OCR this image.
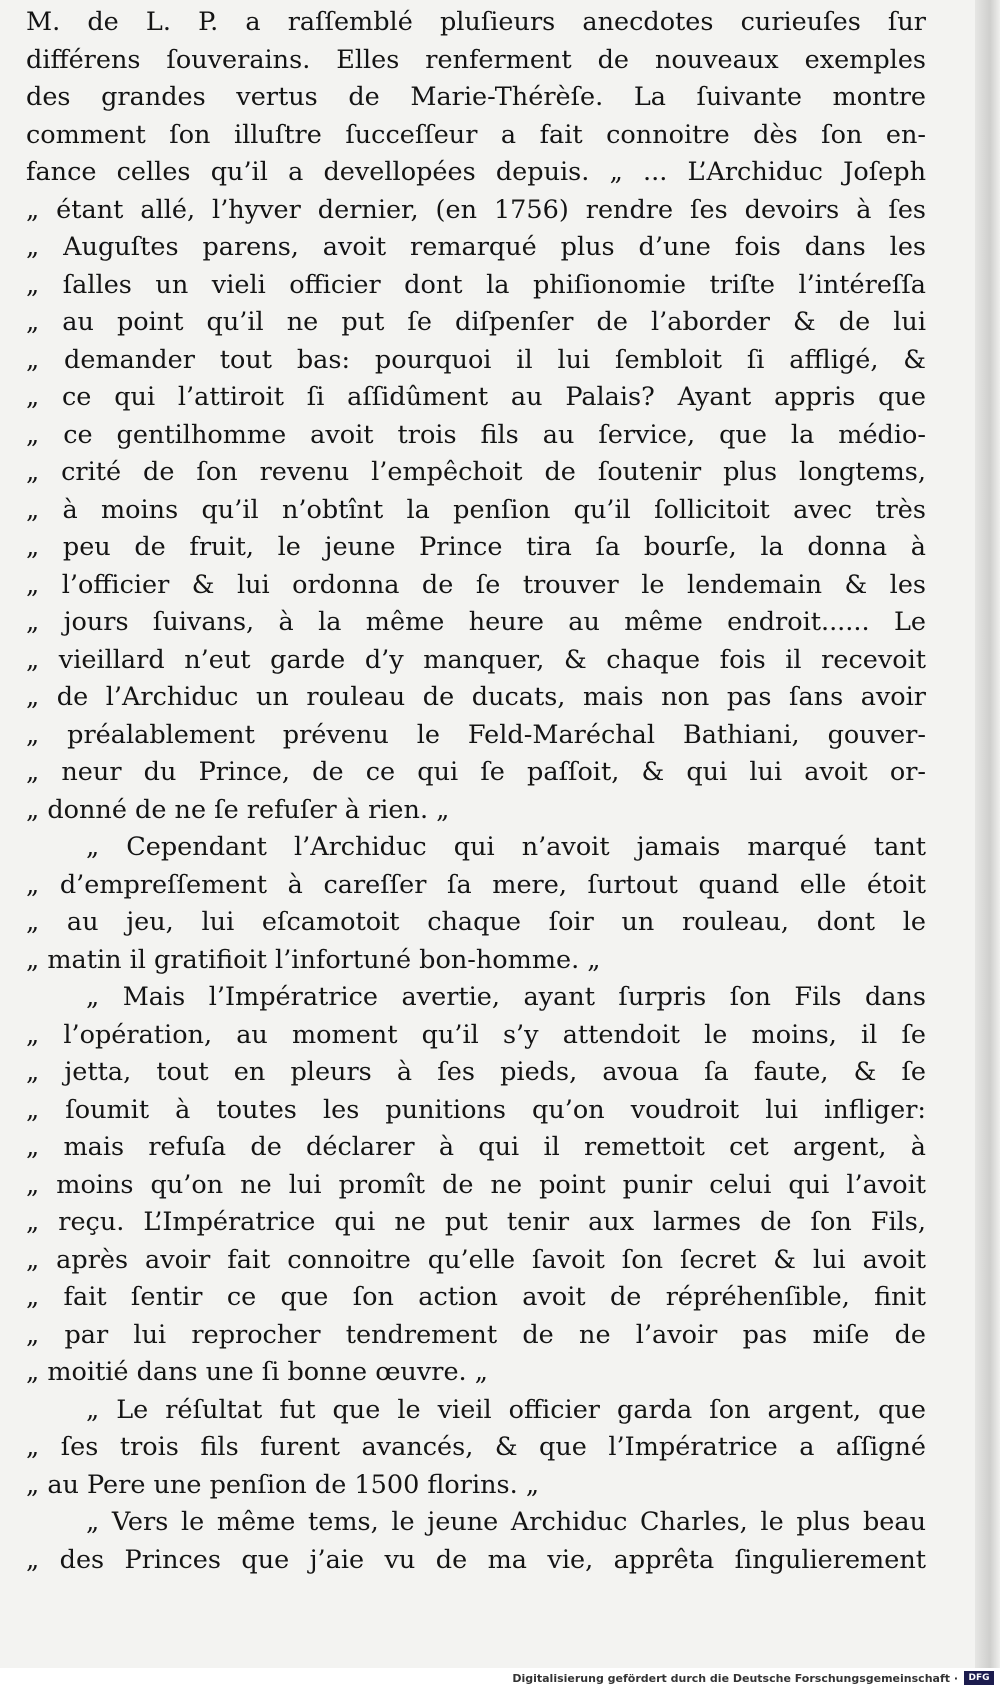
M. de L. P. a raſſemblé pluſieurs anecdotes curieuſes ſur
différens ſouverains. Elles renferment de nouveaux exemples
des grandes vertus de Marie-Thérèſe. La ſuivante montre
comment ſon illuſtre ſucceſſeur a fait connoitre dès ſon en-
fance celles qu’il a devellopées depuis. „ ... L’Archiduc Joſeph
„ étant allé, l’hyver dernier, (en 1756) rendre ſes devoirs à ſes
„ Auguſtes parens, avoit remarqué plus d’une fois dans les
„ ſalles un vieli officier dont la phiſionomie triſte l’intéreſſa
„ au point qu’il ne put ſe diſpenſer de l’aborder & de lui
„ demander tout bas: pourquoi il lui ſembloit ſi affligé, &
„ ce qui l’attiroit ſi aſſidûment au Palais? Ayant appris que
„ ce gentilhomme avoit trois fils au ſervice, que la médio-
„ crité de ſon revenu l’empêchoit de ſoutenir plus longtems,
„ à moins qu’il n’obtînt la penſion qu’il ſollicitoit avec très
„ peu de fruit, le jeune Prince tira ſa bourſe, la donna à
„ l’officier & lui ordonna de ſe trouver le lendemain & les
„ jours ſuivans, à la même heure au même endroit...... Le
„ vieillard n’eut garde d’y manquer, & chaque fois il recevoit
„ de l’Archiduc un rouleau de ducats, mais non pas ſans avoir
„ préalablement prévenu le Feld-Maréchal Bathiani, gouver-
„ neur du Prince, de ce qui ſe paſſoit, & qui lui avoit or-
„ donné de ne ſe refuſer à rien. „
„ Cependant l’Archiduc qui n’avoit jamais marqué tant
„ d’empreſſement à careſſer ſa mere, ſurtout quand elle étoit
„ au jeu, lui eſcamotoit chaque ſoir un rouleau, dont le
„ matin il gratifioit l’infortuné bon-homme. „
„ Mais l’Impératrice avertie, ayant ſurpris ſon Fils dans
„ l’opération, au moment qu’il s’y attendoit le moins, il ſe
„ jetta, tout en pleurs à ſes pieds, avoua ſa faute, & ſe
„ ſoumit à toutes les punitions qu’on voudroit lui infliger:
„ mais refuſa de déclarer à qui il remettoit cet argent, à
„ moins qu’on ne lui promît de ne point punir celui qui l’avoit
„ reçu. L’Impératrice qui ne put tenir aux larmes de ſon Fils,
„ après avoir fait connoitre qu’elle ſavoit ſon ſecret & lui avoit
„ fait ſentir ce que ſon action avoit de répréhenſible, finit
„ par lui reprocher tendrement de ne l’avoir pas miſe de
„ moitié dans une ſi bonne œuvre. „
„ Le réſultat fut que le vieil officier garda ſon argent, que
„ ſes trois fils furent avancés, & que l’Impératrice a aſſigné
„ au Pere une penſion de 1500 florins. „
„ Vers le même tems, le jeune Archiduc Charles, le plus beau
„ des Princes que j’aie vu de ma vie, apprêta ſingulierement
Digitalisierung gefördert durch die Deutsche Forschungsgemeinschaft ·	DFG
